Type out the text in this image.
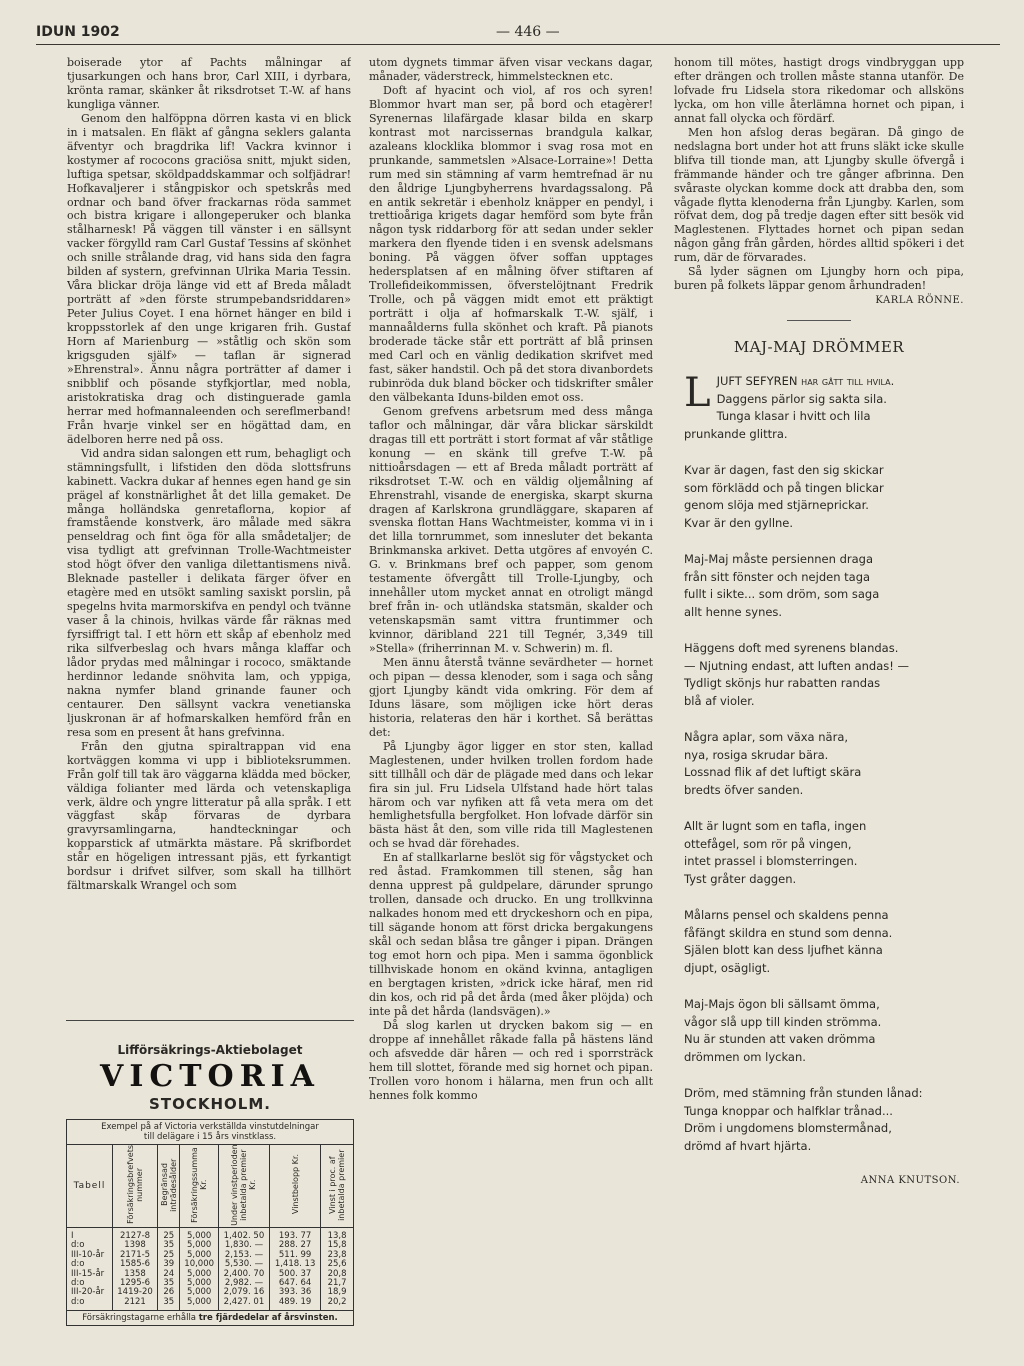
IDUN 1902	— 446 —

boiserade ytor af Pachts målningar af tjusarkungen och hans bror, Carl XIII, i dyrbara, krönta ramar, skänker åt riksdrotset T.-W. af hans kungliga vänner.

Genom den halföppna dörren kasta vi en blick in i matsalen. En fläkt af gångna seklers galanta äfventyr och bragdrika lif! Vackra kvinnor i kostymer af rococons graciösa snitt, mjukt siden, luftiga spetsar, sköldpaddskammar och solfjädrar! Hofkavaljerer i stångpiskor och spetskrås med ordnar och band öfver frackarnas röda sammet och bistra krigare i allongeperuker och blanka stålharnesk! På väggen till vänster i en sällsynt vacker förgylld ram Carl Gustaf Tessins af skönhet och snille strålande drag, vid hans sida den fagra bilden af systern, grefvinnan Ulrika Maria Tessin. Våra blickar dröja länge vid ett af Breda måladt porträtt af »den förste strumpebandsriddaren» Peter Julius Coyet. I ena hörnet hänger en bild i kroppsstorlek af den unge krigaren frih. Gustaf Horn af Marienburg — »ståtlig och skön som krigsguden själf» — taflan är signerad »Ehrenstral». Ännu några porträtter af damer i snibblif och pösande styfkjortlar, med nobla, aristokratiska drag och distinguerade gamla herrar med hofmannaleenden och sereflmerband! Från hvarje vinkel ser en högättad dam, en ädelboren herre ned på oss.

Vid andra sidan salongen ett rum, behagligt och stämningsfullt, i lifstiden den döda slottsfruns kabinett. Vackra dukar af hennes egen hand ge sin prägel af konstnärlighet åt det lilla gemaket. De många holländska genretaflorna, kopior af framstående konstverk, äro målade med säkra penseldrag och fint öga för alla smådetaljer; de visa tydligt att grefvinnan Trolle-Wachtmeister stod högt öfver den vanliga dilettantismens nivå. Bleknade pasteller i delikata färger öfver en etagère med en utsökt samling saxiskt porslin, på spegelns hvita marmorskifva en pendyl och tvänne vaser å la chinois, hvilkas värde får räknas med fyrsiffrigt tal. I ett hörn ett skåp af ebenholz med rika silfverbeslag och hvars många klaffar och lådor prydas med målningar i rococo, smäktande herdinnor ledande snöhvita lam, och yppiga, nakna nymfer bland grinande fauner och centaurer. Den sällsynt vackra venetianska ljuskronan är af hofmarskalken hemförd från en resa som en present åt hans grefvinna.

Från den gjutna spiraltrappan vid ena kortväggen komma vi upp i biblioteksrummen. Från golf till tak äro väggarna klädda med böcker, väldiga folianter med lärda och vetenskapliga verk, äldre och yngre litteratur på alla språk. I ett väggfast skåp förvaras de dyrbara gravyrsamlingarna, handteckningar och kopparstick af utmärkta mästare. På skrifbordet står en högeligen intressant pjäs, ett fyrkantigt bordsur i drifvet silfver, som skall ha tillhört fältmarskalk Wrangel och som

Lifförsäkrings-Aktiebolaget
VICTORIA
STOCKHOLM.
Exempel på af Victoria verkställda vinstutdelningar
till delägare i 15 års vinstklass.
Tabell	Försäkringsbrefvets nummer	Begränsad inträdesålder	Försäkringssumma Kr.	Under vinstperioden inbetalda premier Kr.	Vinstbelopp Kr.	Vinst i proc. af inbetalda premier
I	2127-8	25	5,000	1,402. 50	193. 77	13,8
d:o	1398	35	5,000	1,830. —	288. 27	15,8
III-10-år	2171-5	25	5,000	2,153. —	511. 99	23,8
d:o	1585-6	39	10,000	5,530. —	1,418. 13	25,6
III-15-år	1358	24	5,000	2,400. 70	500. 37	20,8
d:o	1295-6	35	5,000	2,982. —	647. 64	21,7
III-20-år	1419-20	26	5,000	2,079. 16	393. 36	18,9
d:o	2121	35	5,000	2,427. 01	489. 19	20,2
Försäkringstagarne erhålla tre fjärdedelar af årsvinsten.

utom dygnets timmar äfven visar veckans dagar, månader, väderstreck, himmelstecknen etc.

Doft af hyacint och viol, af ros och syren! Blommor hvart man ser, på bord och etagèrer! Syrenernas lilafärgade klasar bilda en skarp kontrast mot narcissernas brandgula kalkar, azaleans klocklika blommor i svag rosa mot en prunkande, sammetslen »Alsace-Lorraine»! Detta rum med sin stämning af varm hemtrefnad är nu den åldrige Ljungbyherrens hvardagssalong. På en antik sekretär i ebenholz knäpper en pendyl, i trettioåriga krigets dagar hemförd som byte från någon tysk riddarborg för att sedan under sekler markera den flyende tiden i en svensk adelsmans boning. På väggen öfver soffan upptages hedersplatsen af en målning öfver stiftaren af Trollefideikommissen, öfverstelöjtnant Fredrik Trolle, och på väggen midt emot ett präktigt porträtt i olja af hofmarskalk T.-W. själf, i mannaålderns fulla skönhet och kraft. På pianots broderade täcke står ett porträtt af blå prinsen med Carl och en vänlig dedikation skrifvet med fast, säker handstil. Och på det stora divanbordets rubinröda duk bland böcker och tidskrifter småler den välbekanta Iduns-bilden emot oss.

Genom grefvens arbetsrum med dess många taflor och målningar, där våra blickar särskildt dragas till ett porträtt i stort format af vår ståtlige konung — en skänk till grefve T.-W. på nittioårsdagen — ett af Breda måladt porträtt af riksdrotset T.-W. och en väldig oljemålning af Ehrenstrahl, visande de energiska, skarpt skurna dragen af Karlskrona grundläggare, skaparen af svenska flottan Hans Wachtmeister, komma vi in i det lilla tornrummet, som innesluter det bekanta Brinkmanska arkivet. Detta utgöres af envoyén C. G. v. Brinkmans bref och papper, som genom testamente öfvergått till Trolle-Ljungby, och innehåller utom mycket annat en otroligt mängd bref från in- och utländska statsmän, skalder och vetenskapsmän samt vittra fruntimmer och kvinnor, däribland 221 till Tegnér, 3,349 till »Stella» (friherrinnan M. v. Schwerin) m. fl.

Men ännu återstå tvänne sevärdheter — hornet och pipan — dessa klenoder, som i saga och sång gjort Ljungby kändt vida omkring. För dem af Iduns läsare, som möjligen icke hört deras historia, relateras den här i korthet. Så berättas det:

På Ljungby ägor ligger en stor sten, kallad Maglestenen, under hvilken trollen fordom hade sitt tillhåll och där de plägade med dans och lekar fira sin jul. Fru Lidsela Ulfstand hade hört talas härom och var nyfiken att få veta mera om det hemlighetsfulla bergfolket. Hon lofvade därför sin bästa häst åt den, som ville rida till Maglestenen och se hvad där förehades.

En af stallkarlarne beslöt sig för vågstycket och red åstad. Framkommen till stenen, såg han denna upprest på guldpelare, därunder sprungo trollen, dansade och druckо. En ung trollkvinna nalkades honom med ett dryckeshorn och en pipa, till sägande honom att först dricka bergakungens skål och sedan blåsa tre gånger i pipan. Drängen tog emot horn och pipa. Men i samma ögonblick tillhviskade honom en okänd kvinna, antagligen en bergtagen kristen, »drick icke häraf, men rid din kos, och rid på det årda (med åker plöjda) och inte på det hårda (landsvägen).»

Då slog karlen ut drycken bakom sig — en droppe af innehållet råkade falla på hästens länd och afsvedde där håren — och red i sporrsträck hem till slottet, förande med sig hornet och pipan. Trollen voro honom i hälarna, men frun och allt hennes folk kommo

honom till mötes, hastigt drogs vindbryggan upp efter drängen och trollen måste stanna utanför. De lofvade fru Lidsela stora rikedomar och allsköns lycka, om hon ville återlämna hornet och pipan, i annat fall olycka och fördärf.

Men hon afslog deras begäran. Då gingo de nedslagna bort under hot att fruns släkt icke skulle blifva till tionde man, att Ljungby skulle öfvergå i främmande händer och tre gånger afbrinna. Den svåraste olyckan komme dock att drabba den, som vågade flytta klenoderna från Ljungby. Karlen, som röfvat dem, dog på tredje dagen efter sitt besök vid Maglestenen. Flyttades hornet och pipan sedan någon gång från gården, hördes alltid spökeri i det rum, där de förvarades.

Så lyder sägnen om Ljungby horn och pipa, buren på folkets läppar genom århundraden!

KARLA RÖNNE.

MAJ-MAJ DRÖMMER
L JUFT SEFYREN har gått till hvila.
Daggens pärlor sig sakta sila.
Tunga klasar i hvitt och lila
prunkande glittra.
Kvar är dagen, fast den sig skickar
som förklädd och på tingen blickar
genom slöja med stjärneprickar.
Kvar är den gyllne.
Maj-Maj måste persiennen draga
från sitt fönster och nejden taga
fullt i sikte... som dröm, som saga
allt henne synes.
Häggens doft med syrenens blandas.
— Njutning endast, att luften andas! —
Tydligt skönjs hur rabatten randas
blå af violer.
Några aplar, som växa nära,
nya, rosiga skrudar bära.
Lossnad flik af det luftigt skära
bredts öfver sanden.
Allt är lugnt som en tafla, ingen
ottefågel, som rör på vingen,
intet prassel i blomsterringen.
Tyst gråter daggen.
Målarns pensel och skaldens penna
fåfängt skildra en stund som denna.
Själen blott kan dess ljufhet känna
djupt, osägligt.
Maj-Majs ögon bli sällsamt ömma,
vågor slå upp till kinden strömma.
Nu är stunden att vaken drömma
drömmen om lyckan.
Dröm, med stämning från stunden lånad:
Tunga knoppar och halfklar trånad...
Dröm i ungdomens blomstermånad,
drömd af hvart hjärta.
ANNA KNUTSON.
